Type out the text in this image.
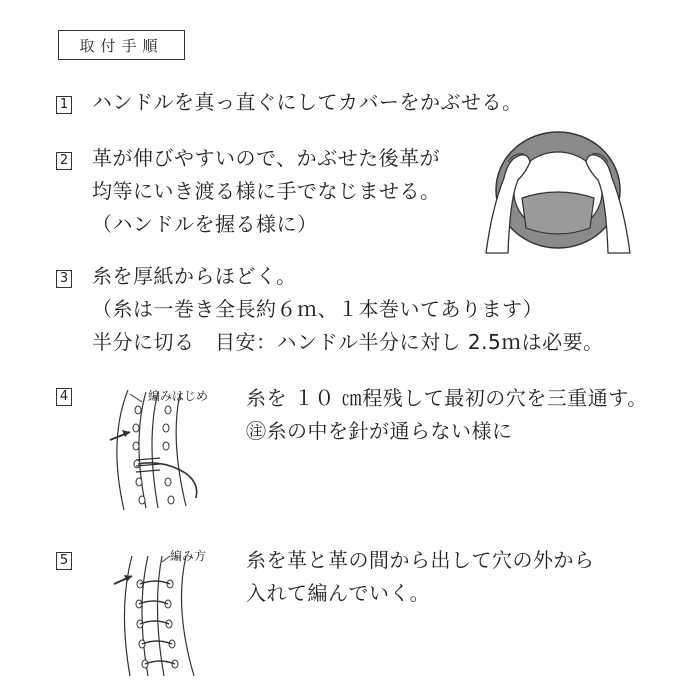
取付手順
1 ハンドルを真っ直ぐにしてカバーをかぶせる。
2 革が伸びやすいので、かぶせた後革が
均等にいき渡る様に手でなじませる。
（ハンドルを握る様に）
3 糸を厚紙からほどく。
（糸は一巻き全長約６ｍ、１本巻いてあります）
半分に切る　目安：ハンドル半分に対し 2.5ｍは必要。
4	編みはじめ 糸を １０ ㎝程残して最初の穴を三重通す。
㊟糸の中を針が通らない様に
5	編み方 糸を革と革の間から出して穴の外から
入れて編んでいく。
